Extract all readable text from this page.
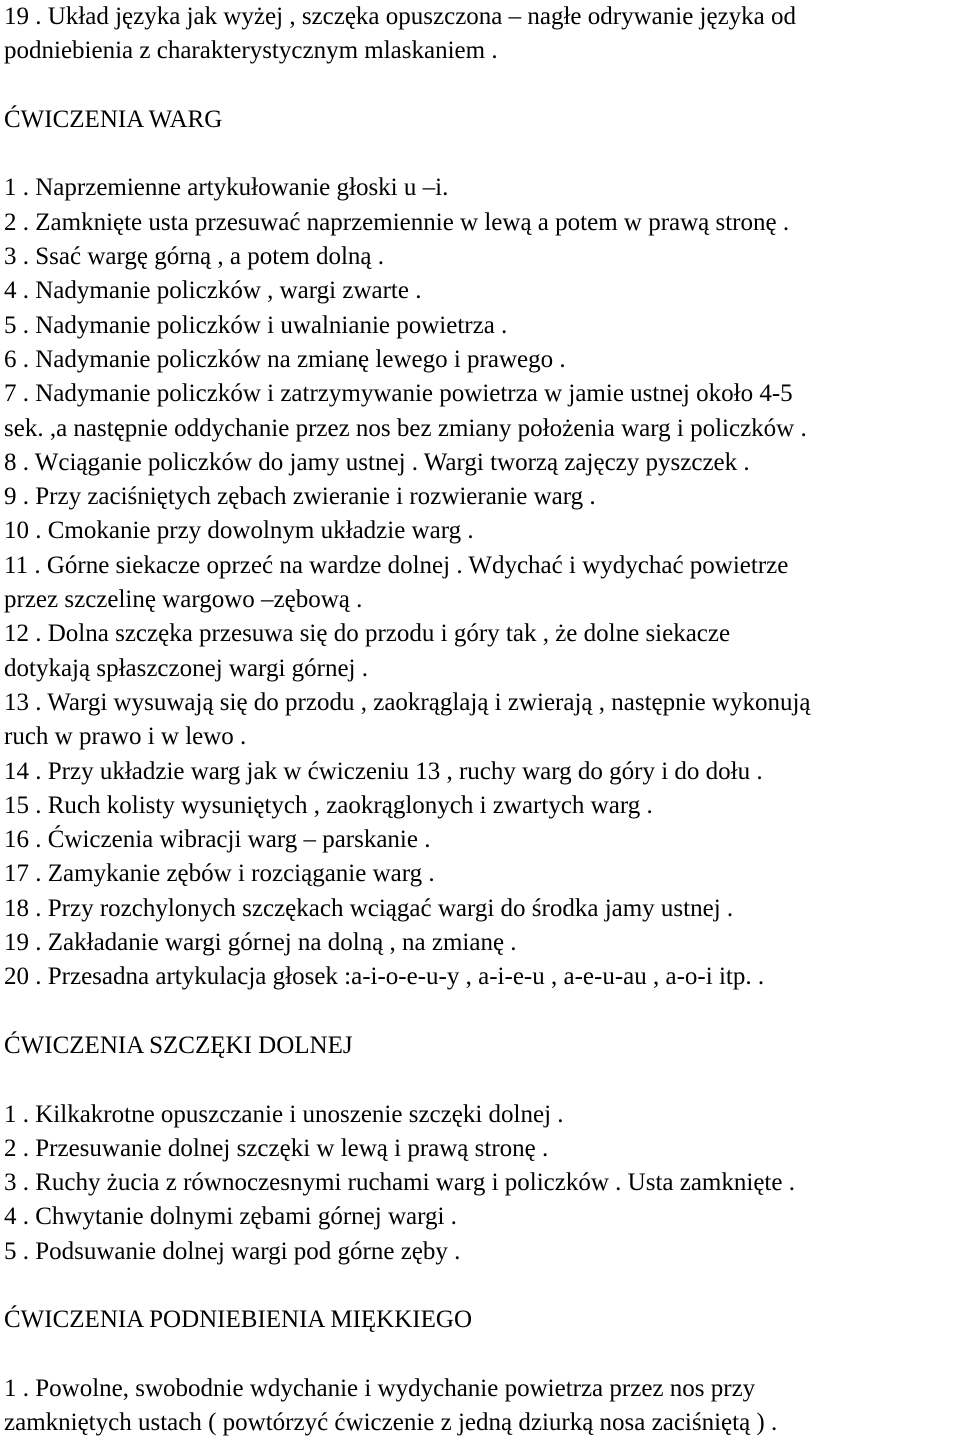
19 . Układ języka jak wyżej , szczęka opuszczona – nagłe odrywanie języka od
podniebienia z charakterystycznym mlaskaniem .
ĆWICZENIA WARG
1 . Naprzemienne artykułowanie głoski u –i.
2 . Zamknięte usta przesuwać naprzemiennie w lewą a potem w prawą stronę .
3 . Ssać wargę górną , a potem dolną .
4 . Nadymanie policzków , wargi zwarte .
5 . Nadymanie policzków i uwalnianie powietrza .
6 . Nadymanie policzków na zmianę lewego i prawego .
7 . Nadymanie policzków i zatrzymywanie powietrza w jamie ustnej około 4-5
sek. ,a następnie oddychanie przez nos bez zmiany położenia warg i policzków .
8 . Wciąganie policzków do jamy ustnej . Wargi tworzą zajęczy pyszczek .
9 . Przy zaciśniętych zębach zwieranie i rozwieranie warg .
10 . Cmokanie przy dowolnym układzie warg .
11 . Górne siekacze oprzeć na wardze dolnej . Wdychać i wydychać powietrze
przez szczelinę wargowo –zębową .
12 . Dolna szczęka przesuwa się do przodu i góry tak , że dolne siekacze
dotykają spłaszczonej wargi górnej .
13 . Wargi wysuwają się do przodu , zaokrąglają i zwierają , następnie wykonują
ruch w prawo i w lewo .
14 . Przy układzie warg jak w ćwiczeniu 13 , ruchy warg do góry i do dołu .
15 . Ruch kolisty wysuniętych , zaokrąglonych i zwartych warg .
16 . Ćwiczenia wibracji warg – parskanie .
17 . Zamykanie zębów i rozciąganie warg .
18 . Przy rozchylonych szczękach wciągać wargi do środka jamy ustnej .
19 . Zakładanie wargi górnej na dolną , na zmianę .
20 . Przesadna artykulacja głosek :a-i-o-e-u-y , a-i-e-u , a-e-u-au , a-o-i itp. .
ĆWICZENIA SZCZĘKI DOLNEJ
1 . Kilkakrotne opuszczanie i unoszenie szczęki dolnej .
2 . Przesuwanie dolnej szczęki w lewą i prawą stronę .
3 . Ruchy żucia z równoczesnymi ruchami warg i policzków . Usta zamknięte .
4 . Chwytanie dolnymi zębami górnej wargi .
5 . Podsuwanie dolnej wargi pod górne zęby .
ĆWICZENIA PODNIEBIENIA MIĘKKIEGO
1 . Powolne, swobodnie wdychanie i wydychanie powietrza przez nos przy
zamkniętych ustach ( powtórzyć ćwiczenie z jedną dziurką nosa zaciśniętą ) .
